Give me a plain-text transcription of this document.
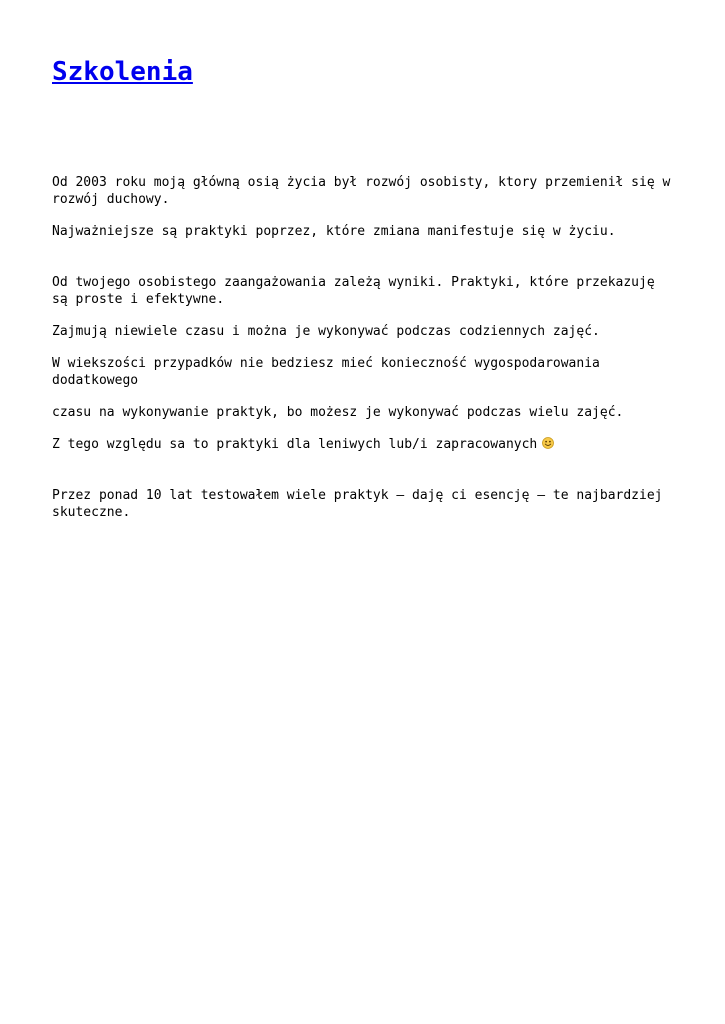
Szkolenia

Od 2003 roku moją główną osią życia był rozwój osobisty, ktory przemienił się w rozwój duchowy.

Najważniejsze są praktyki poprzez, które zmiana manifestuje się w życiu.

Od twojego osobistego zaangażowania zależą wyniki. Praktyki, które przekazuję są proste i efektywne.

Zajmują niewiele czasu i można je wykonywać podczas codziennych zajęć.

W wiekszości przypadków nie bedziesz mieć konieczność wygospodarowania dodatkowego

czasu na wykonywanie praktyk, bo możesz je wykonywać podczas wielu zajęć.

Z tego względu sa to praktyki dla leniwych lub/i zapracowanych

Przez ponad 10 lat testowałem wiele praktyk – daję ci esencję – te najbardziej skuteczne.
